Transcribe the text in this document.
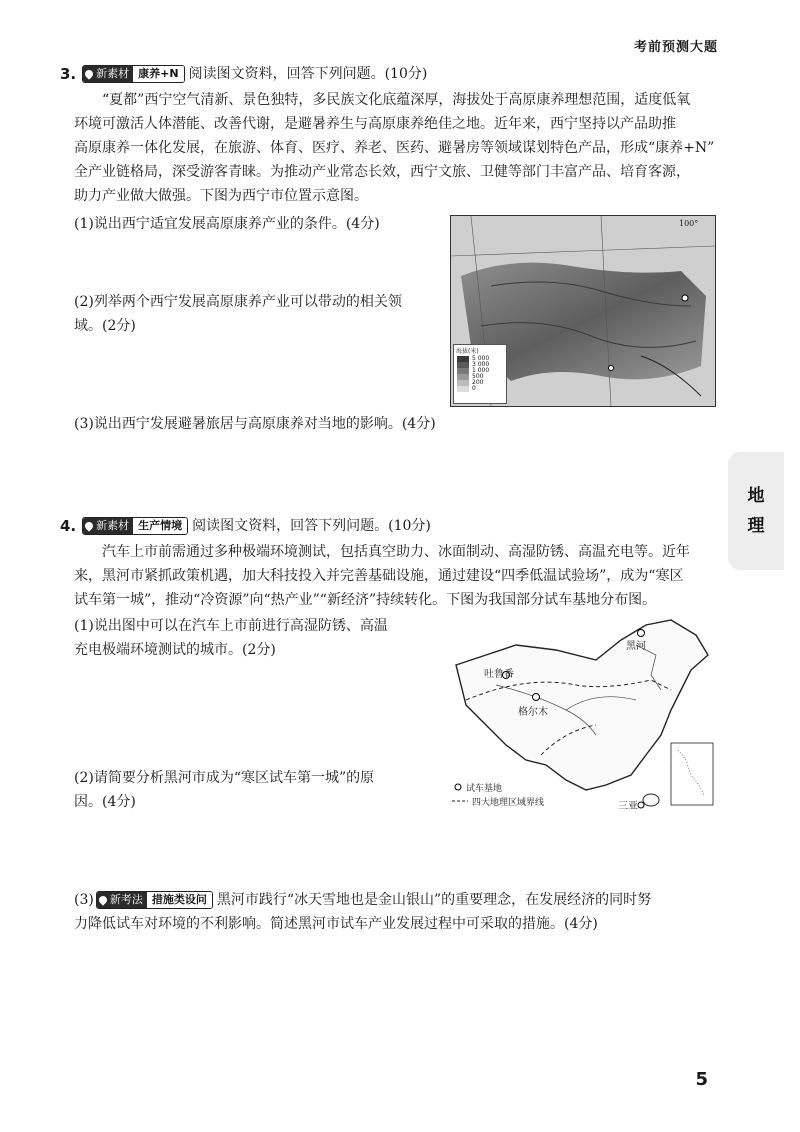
考前预测大题
地
理
3. 新素材 康养+N 阅读图文资料，回答下列问题。(10分)
“夏都”西宁空气清新、景色独特，多民族文化底蕴深厚，海拔处于高原康养理想范围，适度低氧
环境可激活人体潜能、改善代谢，是避暑养生与高原康养绝佳之地。近年来，西宁坚持以产品助推
高原康养一体化发展，在旅游、体育、医疗、养老、医药、避暑房等领域谋划特色产品，形成“康养+N”
全产业链格局，深受游客青睐。为推动产业常态长效，西宁文旅、卫健等部门丰富产品、培育客源，
助力产业做大做强。下图为西宁市位置示意图。
(1)说出西宁适宜发展高原康养产业的条件。(4分)
(2)列举两个西宁发展高原康养产业可以带动的相关领
域。(2分)
(3)说出西宁发展避暑旅居与高原康养对当地的影响。(4分)
100°
海拔(米)
5 000
3 000
1 000
500
200
0
4. 新素材 生产情境 阅读图文资料，回答下列问题。(10分)
汽车上市前需通过多种极端环境测试，包括真空助力、冰面制动、高湿防锈、高温充电等。近年
来，黑河市紧抓政策机遇，加大科技投入并完善基础设施，通过建设“四季低温试验场”，成为“寒区
试车第一城”，推动“冷资源”向“热产业”“新经济”持续转化。下图为我国部分试车基地分布图。
(1)说出图中可以在汽车上市前进行高湿防锈、高温
充电极端环境测试的城市。(2分)
(2)请简要分析黑河市成为“寒区试车第一城”的原
因。(4分)
黑河
吐鲁番
格尔木
三亚
试车基地
四大地理区域界线
(3) 新考法 措施类设问 黑河市践行“冰天雪地也是金山银山”的重要理念，在发展经济的同时努
力降低试车对环境的不利影响。简述黑河市试车产业发展过程中可采取的措施。(4分)
5
